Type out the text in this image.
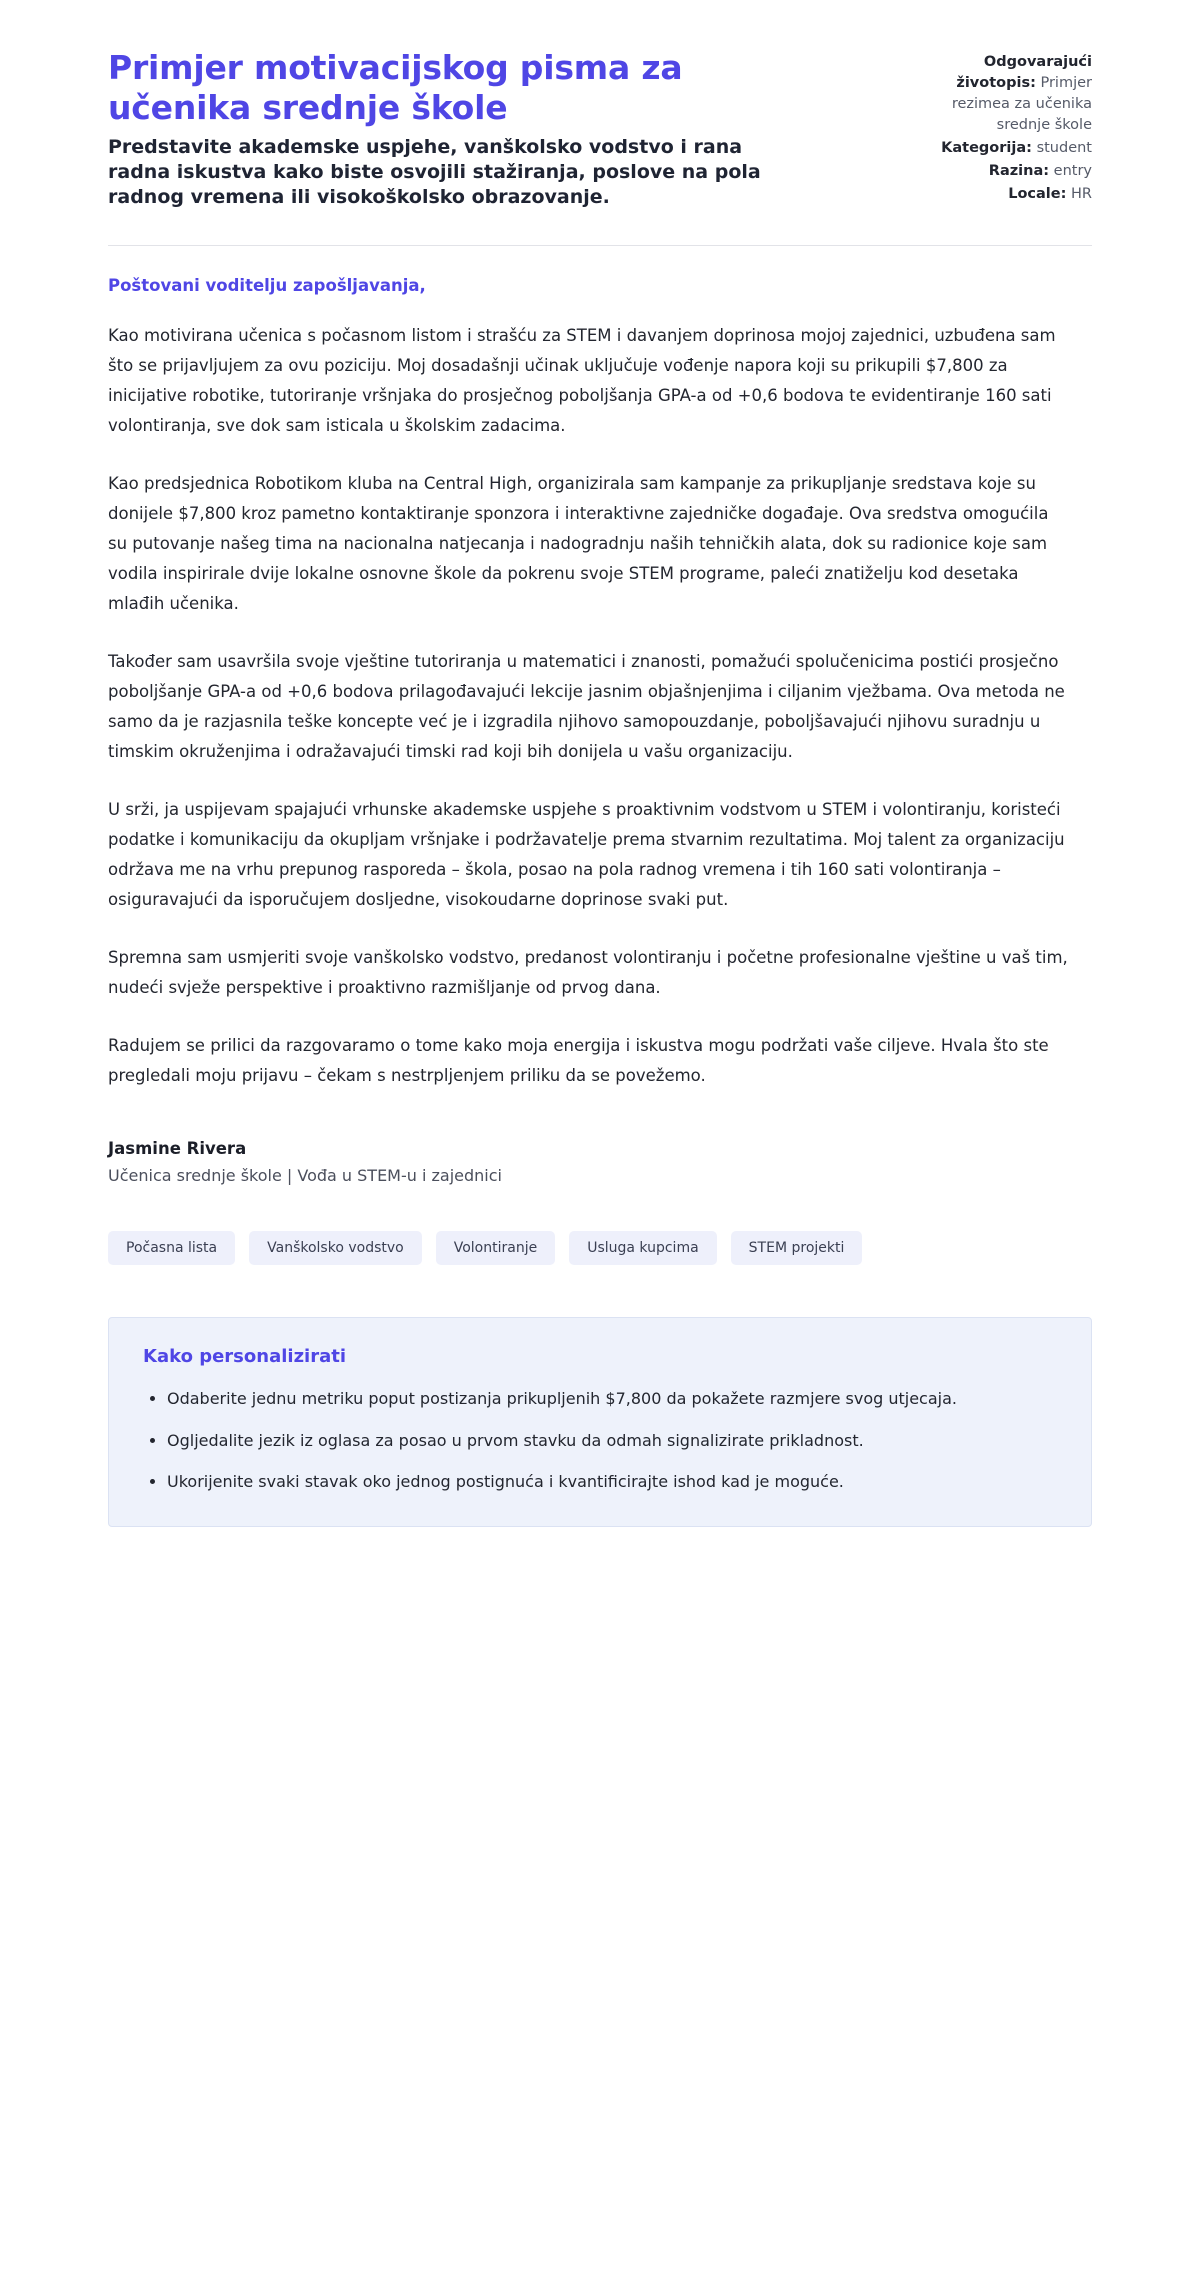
Primjer motivacijskog pisma za učenika srednje škole

Predstavite akademske uspjehe, vanškolsko vodstvo i rana radna iskustva kako biste osvojili stažiranja, poslove na pola radnog vremena ili visokoškolsko obrazovanje.

Odgovarajući životopis: Primjer rezimea za učenika srednje škole
Kategorija: student
Razina: entry
Locale: HR

Poštovani voditelju zapošljavanja,

Kao motivirana učenica s počasnom listom i strašću za STEM i davanjem doprinosa mojoj zajednici, uzbuđena sam što se prijavljujem za ovu poziciju. Moj dosadašnji učinak uključuje vođenje napora koji su prikupili $7,800 za inicijative robotike, tutoriranje vršnjaka do prosječnog poboljšanja GPA-a od +0,6 bodova te evidentiranje 160 sati volontiranja, sve dok sam isticala u školskim zadacima.

Kao predsjednica Robotikom kluba na Central High, organizirala sam kampanje za prikupljanje sredstava koje su donijele $7,800 kroz pametno kontaktiranje sponzora i interaktivne zajedničke događaje. Ova sredstva omogućila su putovanje našeg tima na nacionalna natjecanja i nadogradnju naših tehničkih alata, dok su radionice koje sam vodila inspirirale dvije lokalne osnovne škole da pokrenu svoje STEM programe, paleći znatiželju kod desetaka mlađih učenika.

Također sam usavršila svoje vještine tutoriranja u matematici i znanosti, pomažući spolučenicima postići prosječno poboljšanje GPA-a od +0,6 bodova prilagođavajući lekcije jasnim objašnjenjima i ciljanim vježbama. Ova metoda ne samo da je razjasnila teške koncepte već je i izgradila njihovo samopouzdanje, poboljšavajući njihovu suradnju u timskim okruženjima i odražavajući timski rad koji bih donijela u vašu organizaciju.

U srži, ja uspijevam spajajući vrhunske akademske uspjehe s proaktivnim vodstvom u STEM i volontiranju, koristeći podatke i komunikaciju da okupljam vršnjake i podržavatelje prema stvarnim rezultatima. Moj talent za organizaciju održava me na vrhu prepunog rasporeda – škola, posao na pola radnog vremena i tih 160 sati volontiranja – osiguravajući da isporučujem dosljedne, visokoudarne doprinose svaki put.

Spremna sam usmjeriti svoje vanškolsko vodstvo, predanost volontiranju i početne profesionalne vještine u vaš tim, nudeći svježe perspektive i proaktivno razmišljanje od prvog dana.

Radujem se prilici da razgovaramo o tome kako moja energija i iskustva mogu podržati vaše ciljeve. Hvala što ste pregledali moju prijavu – čekam s nestrpljenjem priliku da se povežemo.

Jasmine Rivera

Učenica srednje škole | Vođa u STEM-u i zajednici

Počasna lista	Vanškolsko vodstvo	Volontiranje	Usluga kupcima	STEM projekti

Kako personalizirati

• Odaberite jednu metriku poput postizanja prikupljenih $7,800 da pokažete razmjere svog utjecaja.
• Ogljedalite jezik iz oglasa za posao u prvom stavku da odmah signalizirate prikladnost.
• Ukorijenite svaki stavak oko jednog postignuća i kvantificirajte ishod kad je moguće.
